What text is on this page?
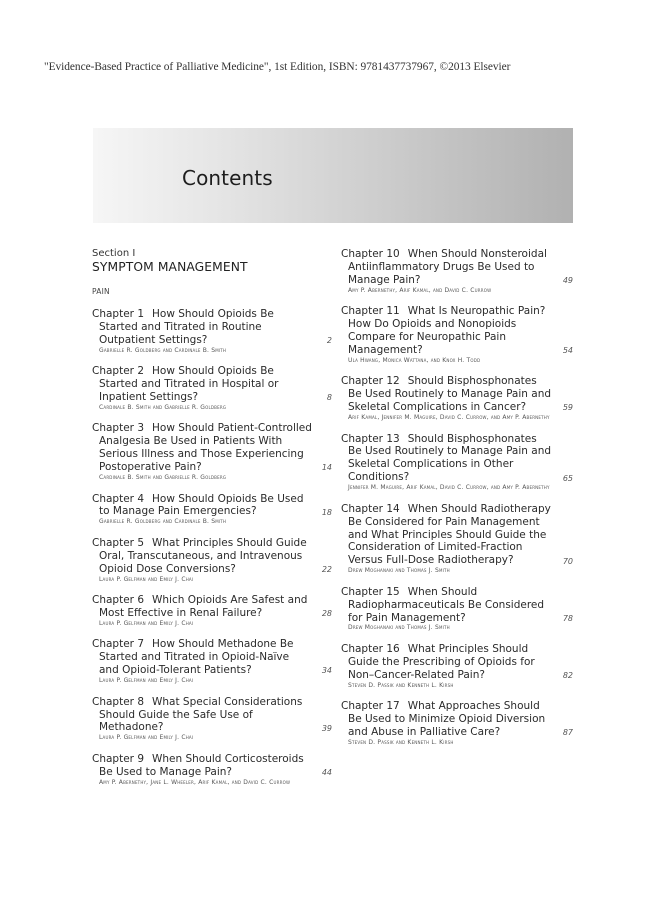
"Evidence-Based Practice of Palliative Medicine", 1st Edition, ISBN: 9781437737967, ©2013 Elsevier
Contents
Section I
SYMPTOM MANAGEMENT
PAIN
Chapter 1 How Should Opioids Be Started and Titrated in Routine Outpatient Settings?	2
Gabrielle R. Goldberg and Cardinale B. Smith
Chapter 2 How Should Opioids Be Started and Titrated in Hospital or Inpatient Settings?	8
Cardinale B. Smith and Gabrielle R. Goldberg
Chapter 3 How Should Patient-Controlled Analgesia Be Used in Patients With Serious Illness and Those Experiencing Postoperative Pain?	14
Cardinale B. Smith and Gabrielle R. Goldberg
Chapter 4 How Should Opioids Be Used to Manage Pain Emergencies?	18
Gabrielle R. Goldberg and Cardinale B. Smith
Chapter 5 What Principles Should Guide Oral, Transcutaneous, and Intravenous Opioid Dose Conversions?	22
Laura P. Gelfman and Emily J. Chai
Chapter 6 Which Opioids Are Safest and Most Effective in Renal Failure?	28
Laura P. Gelfman and Emily J. Chai
Chapter 7 How Should Methadone Be Started and Titrated in Opioid-Naïve and Opioid-Tolerant Patients?	34
Laura P. Gelfman and Emily J. Chai
Chapter 8 What Special Considerations Should Guide the Safe Use of Methadone?	39
Laura P. Gelfman and Emily J. Chai
Chapter 9 When Should Corticosteroids Be Used to Manage Pain?	44
Amy P. Abernethy, Jane L. Wheeler, Arif Kamal, and David C. Currow
Chapter 10 When Should Nonsteroidal Antiinflammatory Drugs Be Used to Manage Pain?	49
Amy P. Abernethy, Arif Kamal, and David C. Currow
Chapter 11 What Is Neuropathic Pain? How Do Opioids and Nonopioids Compare for Neuropathic Pain Management?	54
Ula Hwang, Monica Wattana, and Knox H. Todd
Chapter 12 Should Bisphosphonates Be Used Routinely to Manage Pain and Skeletal Complications in Cancer?	59
Arif Kamal, Jennifer M. Maguire, David C. Currow, and Amy P. Abernethy
Chapter 13 Should Bisphosphonates Be Used Routinely to Manage Pain and Skeletal Complications in Other Conditions?	65
Jennifer M. Maguire, Arif Kamal, David C. Currow, and Amy P. Abernethy
Chapter 14 When Should Radiotherapy Be Considered for Pain Management and What Principles Should Guide the Consideration of Limited-Fraction Versus Full-Dose Radiotherapy?	70
Drew Moghanaki and Thomas J. Smith
Chapter 15 When Should Radiopharmaceuticals Be Considered for Pain Management?	78
Drew Moghanaki and Thomas J. Smith
Chapter 16 What Principles Should Guide the Prescribing of Opioids for Non–Cancer-Related Pain?	82
Steven D. Passik and Kenneth L. Kirsh
Chapter 17 What Approaches Should Be Used to Minimize Opioid Diversion and Abuse in Palliative Care?	87
Steven D. Passik and Kenneth L. Kirsh
